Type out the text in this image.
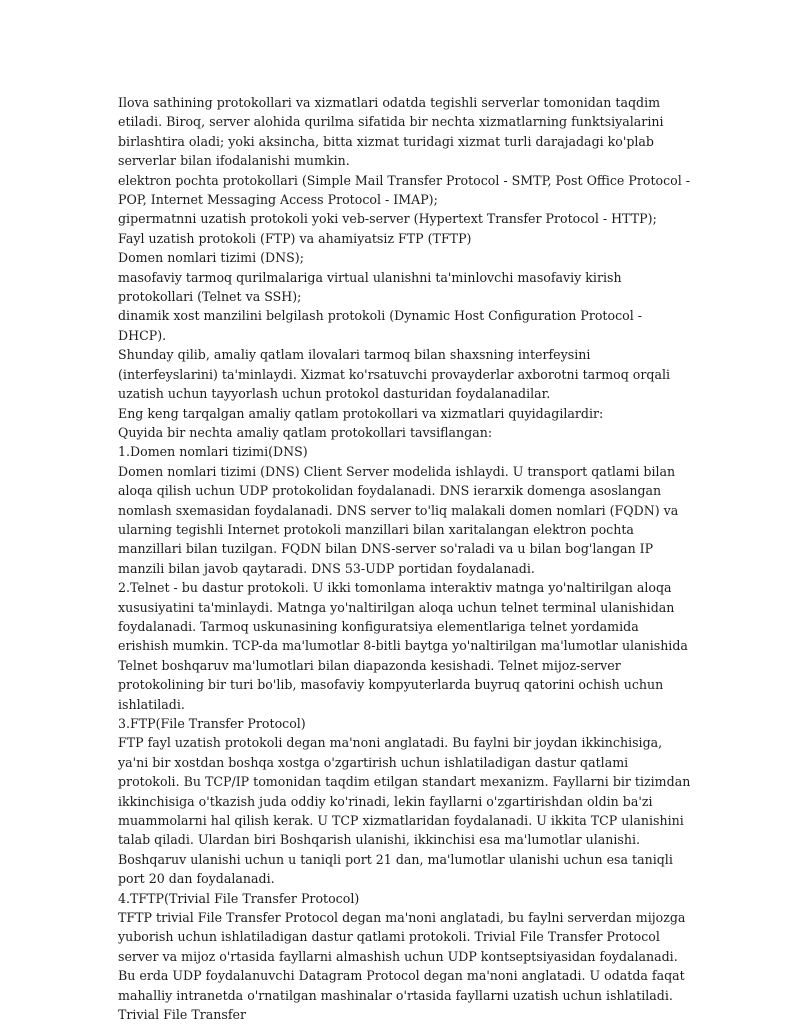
Ilova sathining protokollari va xizmatlari odatda tegishli serverlar tomonidan taqdim etiladi. Biroq, server alohida qurilma sifatida bir nechta xizmatlarning funktsiyalarini birlashtira oladi; yoki aksincha, bitta xizmat turidagi xizmat turli darajadagi ko'plab serverlar bilan ifodalanishi mumkin.

elektron pochta protokollari (Simple Mail Transfer Protocol - SMTP, Post Office Protocol - POP, Internet Messaging Access Protocol - IMAP);

gipermatnni uzatish protokoli yoki veb-server (Hypertext Transfer Protocol - HTTP);

Fayl uzatish protokoli (FTP) va ahamiyatsiz FTP (TFTP)

Domen nomlari tizimi (DNS);

masofaviy tarmoq qurilmalariga virtual ulanishni ta'minlovchi masofaviy kirish protokollari (Telnet va SSH);

dinamik xost manzilini belgilash protokoli (Dynamic Host Configuration Protocol - DHCP).

Shunday qilib, amaliy qatlam ilovalari tarmoq bilan shaxsning interfeysini (interfeyslarini) ta'minlaydi. Xizmat ko'rsatuvchi provayderlar axborotni tarmoq orqali uzatish uchun tayyorlash uchun protokol dasturidan foydalanadilar.

Eng keng tarqalgan amaliy qatlam protokollari va xizmatlari quyidagilardir:

Quyida bir nechta amaliy qatlam protokollari tavsiflangan:

1.Domen nomlari tizimi(DNS)

Domen nomlari tizimi (DNS) Client Server modelida ishlaydi. U transport qatlami bilan aloqa qilish uchun UDP protokolidan foydalanadi. DNS ierarxik domenga asoslangan nomlash sxemasidan foydalanadi. DNS server to'liq malakali domen nomlari (FQDN) va ularning tegishli Internet protokoli manzillari bilan xaritalangan elektron pochta manzillari bilan tuzilgan. FQDN bilan DNS-server so'raladi va u bilan bog'langan IP manzili bilan javob qaytaradi. DNS 53-UDP portidan foydalanadi.

2.Telnet - bu dastur protokoli. U ikki tomonlama interaktiv matnga yo'naltirilgan aloqa xususiyatini ta'minlaydi. Matnga yo'naltirilgan aloqa uchun telnet terminal ulanishidan foydalanadi. Tarmoq uskunasining konfiguratsiya elementlariga telnet yordamida erishish mumkin. TCP-da ma'lumotlar 8-bitli baytga yo'naltirilgan ma'lumotlar ulanishida Telnet boshqaruv ma'lumotlari bilan diapazonda kesishadi. Telnet mijoz-server protokolining bir turi bo'lib, masofaviy kompyuterlarda buyruq qatorini ochish uchun ishlatiladi.

3.FTP(File Transfer Protocol)

FTP fayl uzatish protokoli degan ma'noni anglatadi. Bu faylni bir joydan ikkinchisiga, ya'ni bir xostdan boshqa xostga o'zgartirish uchun ishlatiladigan dastur qatlami protokoli. Bu TCP/IP tomonidan taqdim etilgan standart mexanizm. Fayllarni bir tizimdan ikkinchisiga o'tkazish juda oddiy ko'rinadi, lekin fayllarni o'zgartirishdan oldin ba'zi muammolarni hal qilish kerak. U TCP xizmatlaridan foydalanadi. U ikkita TCP ulanishini talab qiladi. Ulardan biri Boshqarish ulanishi, ikkinchisi esa ma'lumotlar ulanishi. Boshqaruv ulanishi uchun u taniqli port 21 dan, ma'lumotlar ulanishi uchun esa taniqli port 20 dan foydalanadi.

4.TFTP(Trivial File Transfer Protocol)

TFTP trivial File Transfer Protocol degan ma'noni anglatadi, bu faylni serverdan mijozga yuborish uchun ishlatiladigan dastur qatlami protokoli. Trivial File Transfer Protocol server va mijoz o'rtasida fayllarni almashish uchun UDP kontseptsiyasidan foydalanadi. Bu erda UDP foydalanuvchi Datagram Protocol degan ma'noni anglatadi. U odatda faqat mahalliy intranetda o'rnatilgan mashinalar o'rtasida fayllarni uzatish uchun ishlatiladi. Trivial File Transfer
